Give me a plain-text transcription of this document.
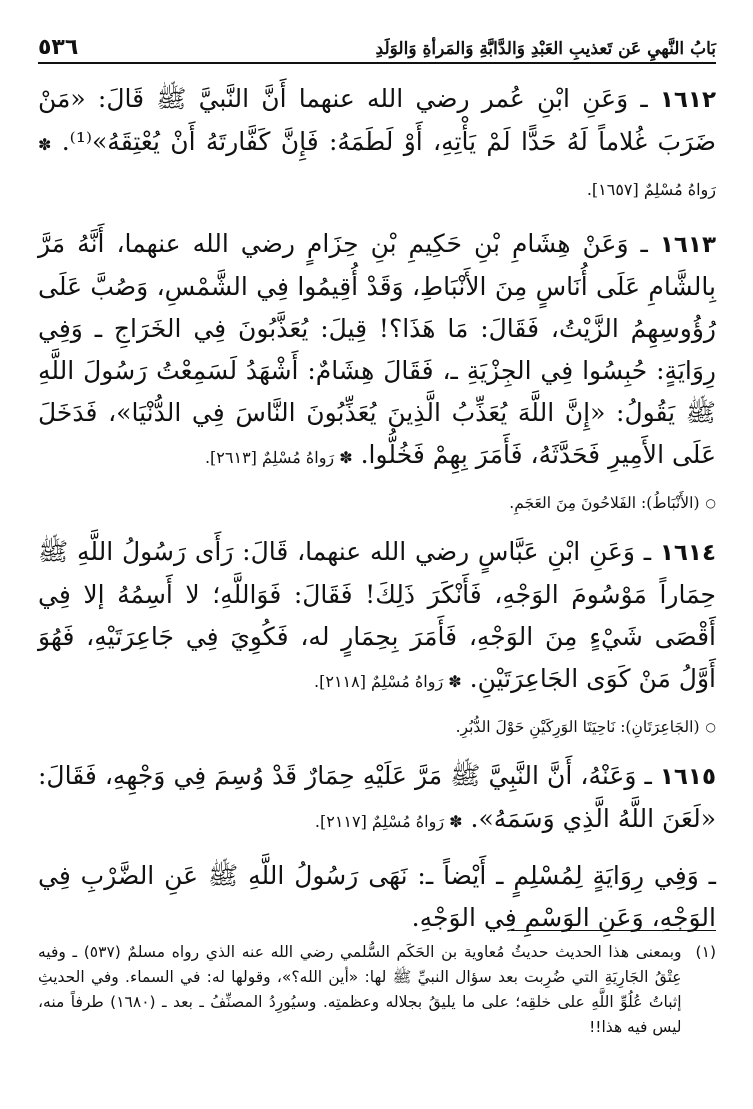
بَابُ النَّهيِ عَن تَعذيبِ العَبْدِ وَالدَّابَّةِ وَالمَرأةِ وَالوَلَدِ
٥٣٦

١٦١٢ ـ وَعَنِ ابْنِ عُمر رضي الله عنهما أَنَّ النَّبيَّ ﷺ قَالَ: «مَنْ ضَرَبَ غُلاماً لَهُ حَدًّا لَمْ يَأْتِهِ، أَوْ لَطَمَهُ: فَإِنَّ كَفَّارتَهُ أَنْ يُعْتِقَهُ»⁽¹⁾. ✽ رَواهُ مُسْلِمٌ [١٦٥٧].

١٦١٣ ـ وَعَنْ هِشَامِ بْنِ حَكِيمِ بْنِ حِزَامٍ رضي الله عنهما، أَنَّهُ مَرَّ بِالشَّامِ عَلَى أُنَاسٍ مِنَ الأَنْبَاطِ، وَقَدْ أُقِيمُوا فِي الشَّمْسِ، وَصُبَّ عَلَى رُؤُوسِهِمُ الزَّيْتُ، فَقَالَ: مَا هَذَا؟! قِيلَ: يُعَذَّبُونَ فِي الخَرَاجِ ـ وَفِي رِوَايَةٍ: حُبِسُوا فِي الجِزْيَةِ ـ، فَقَالَ هِشَامٌ: أَشْهَدُ لَسَمِعْتُ رَسُولَ اللَّهِ ﷺ يَقُولُ: «إِنَّ اللَّهَ يُعَذِّبُ الَّذِينَ يُعَذِّبُونَ النَّاسَ فِي الدُّنْيَا»، فَدَخَلَ عَلَى الأَمِيرِ فَحَدَّثَهُ، فَأَمَرَ بِهِمْ فَخُلُّوا. ✽ رَواهُ مُسْلِمٌ [٢٦١٣].

○
(الأَنْبَاطُ): الفَلاحُونَ مِنَ العَجَمِ.

١٦١٤ ـ وَعَنِ ابْنِ عَبَّاسٍ رضي الله عنهما، قَالَ: رَأَى رَسُولُ اللَّهِ ﷺ حِمَاراً مَوْسُومَ الوَجْهِ، فَأَنْكَرَ ذَلِكَ! فَقَالَ: فَوَاللَّهِ؛ لا أَسِمُهُ إلا فِي أَقْصَى شَيْءٍ مِنَ الوَجْهِ، فَأَمَرَ بِحِمَارٍ له، فَكُوِيَ فِي جَاعِرَتَيْهِ، فَهُوَ أَوَّلُ مَنْ كَوَى الجَاعِرَتَيْنِ. ✽ رَواهُ مُسْلِمٌ [٢١١٨].

○
(الجَاعِرَتَانِ): نَاحِيَتَا الوَرِكَيْنِ حَوْلَ الدُّبُرِ.

١٦١٥ ـ وَعَنْهُ، أَنَّ النَّبِيَّ ﷺ مَرَّ عَلَيْهِ حِمَارٌ قَدْ وُسِمَ فِي وَجْهِهِ، فَقَالَ: «لَعَنَ اللَّهُ الَّذِي وَسَمَهُ». ✽ رَواهُ مُسْلِمٌ [٢١١٧].

ـ وَفِي رِوَايَةٍ لِمُسْلِمٍ ـ أَيْضاً ـ: نَهَى رَسُولُ اللَّهِ ﷺ عَنِ الضَّرْبِ فِي الوَجْهِ، وَعَنِ الوَسْمِ فِي الوَجْهِ.

(١)
وبمعنى هذا الحديث حديثُ مُعاوية بن الحَكَم السُّلمي رضي الله عنه الذي رواه مسلمٌ (٥٣٧) ـ وفيه عِتْقُ الجَارِيَةِ التي ضُرِبت بعد سؤال النبيِّ ﷺ لها: «أين الله؟»، وقولها له: في السماء. وفي الحديثِ إثباتُ عُلُوِّ اللَّهِ على خلقِه؛ على ما يليقُ بجلاله وعظمتِه. وسيُورِدُ المصنِّفُ ـ بعد ـ (١٦٨٠) طرفاً منه، ليس فيه هذا!!
